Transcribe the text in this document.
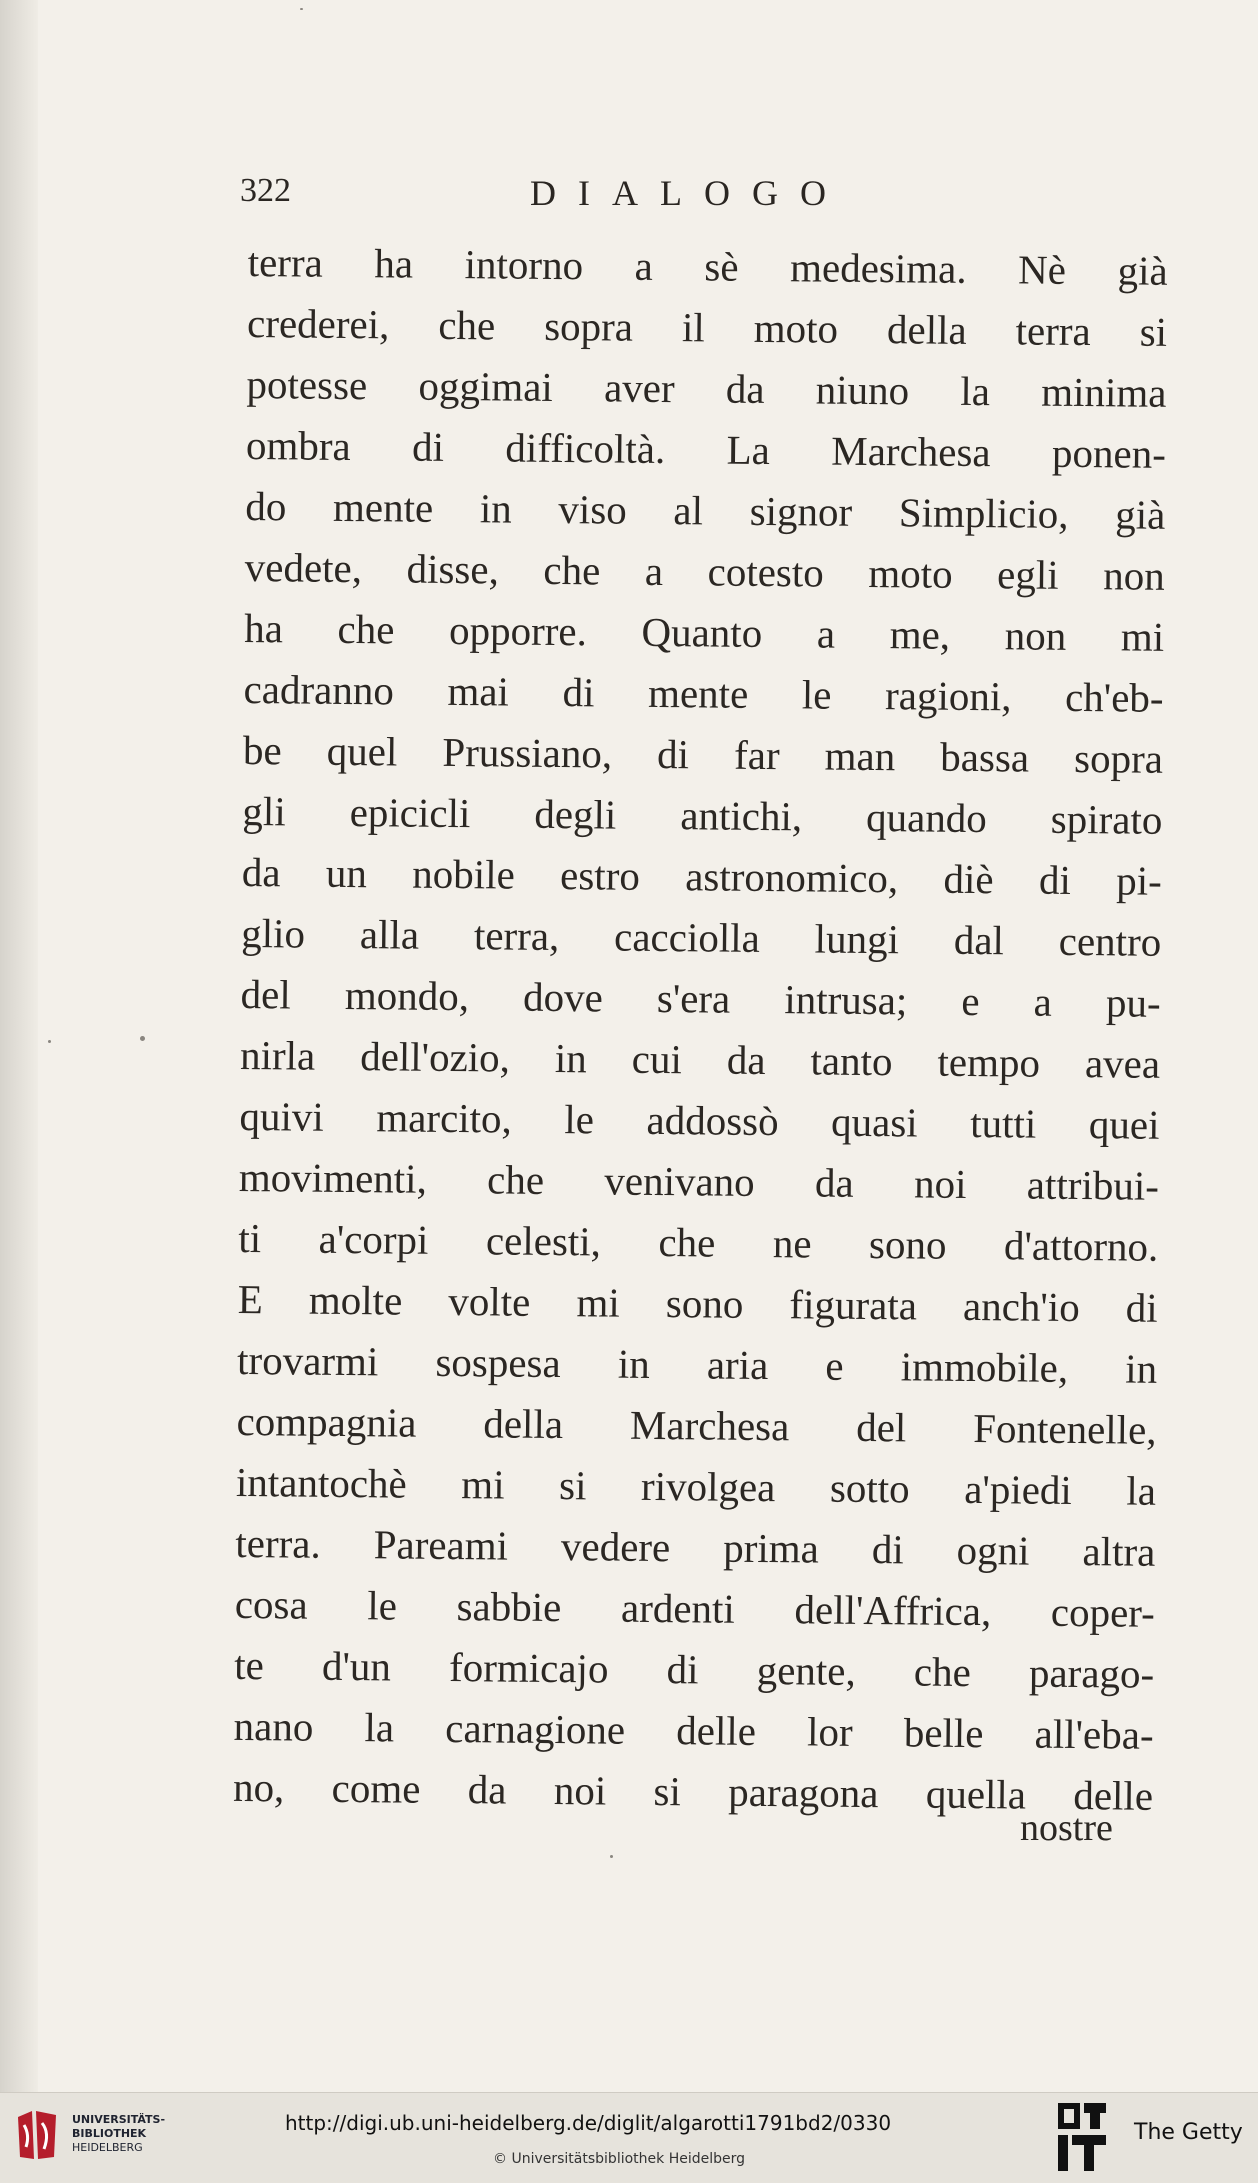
322	DIALOGO
terra ha intorno a sè medesima. Nè già
crederei, che sopra il moto della terra si
potesse oggimai aver da niuno la minima
ombra di difficoltà. La Marchesa ponen-
do mente in viso al signor Simplicio, già
vedete, disse, che a cotesto moto egli non
ha che opporre. Quanto a me, non mi
cadranno mai di mente le ragioni, ch'eb-
be quel Prussiano, di far man bassa sopra
gli epicicli degli antichi, quando spirato
da un nobile estro astronomico, diè di pi-
glio alla terra, cacciolla lungi dal centro
del mondo, dove s'era intrusa; e a pu-
nirla dell'ozio, in cui da tanto tempo avea
quivi marcito, le addossò quasi tutti quei
movimenti, che venivano da noi attribui-
ti a'corpi celesti, che ne sono d'attorno.
E molte volte mi sono figurata anch'io di
trovarmi sospesa in aria e immobile, in
compagnia della Marchesa del Fontenelle,
intantochè mi si rivolgea sotto a'piedi la
terra. Pareami vedere prima di ogni altra
cosa le sabbie ardenti dell'Affrica, coper-
te d'un formicajo di gente, che parago-
nano la carnagione delle lor belle all'eba-
no, come da noi si paragona quella delle
nostre
UNIVERSITÄTS-
BIBLIOTHEK
HEIDELBERG
http://digi.ub.uni-heidelberg.de/diglit/algarotti1791bd2/0330
© Universitätsbibliothek Heidelberg
The Getty
